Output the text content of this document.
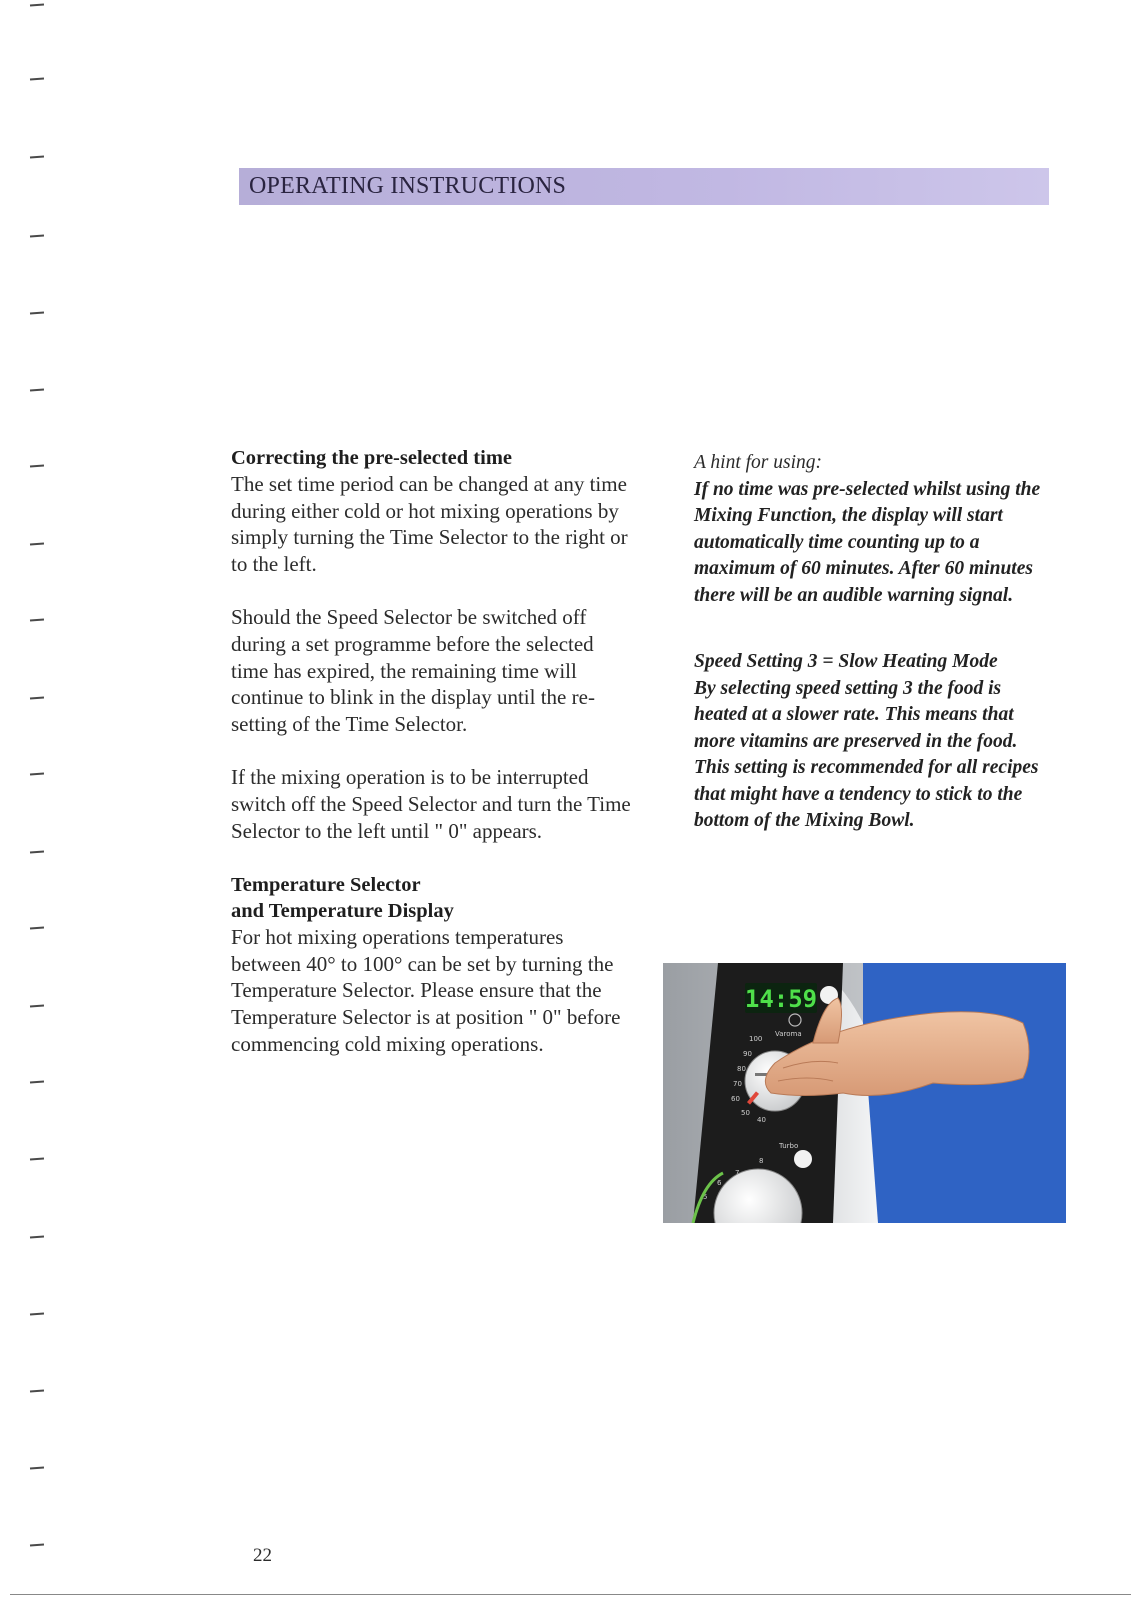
OPERATING INSTRUCTIONS
Correcting the pre-selected time

The set time period can be changed at any time during either cold or hot mixing operations by simply turning the Time Selector to the right or to the left.

Should the Speed Selector be switched off during a set programme before the selected time has expired, the remaining time will continue to blink in the display until the re-setting of the Time Selector.

If the mixing operation is to be interrupted switch off the Speed Selector and turn the Time Selector to the left until " 0" appears.

Temperature Selector
and Temperature Display

For hot mixing operations temperatures between 40° to 100° can be set by turning the Temperature Selector. Please ensure that the Temperature Selector is at position " 0" before commencing cold mixing operations.

A hint for using:

If no time was pre-selected whilst using the Mixing Function, the display will start automatically time counting up to a maximum of 60 minutes. After 60 minutes there will be an audible warning signal.

Speed Setting 3 = Slow Heating Mode

By selecting speed setting 3 the food is heated at a slower rate. This means that more vitamins are preserved in the food.

This setting is recommended for all recipes that might have a tendency to stick to the bottom of the Mixing Bowl.

14:59
Varoma
100
90
80
70
60
50
40
Turbo
8
7
6
5
22
